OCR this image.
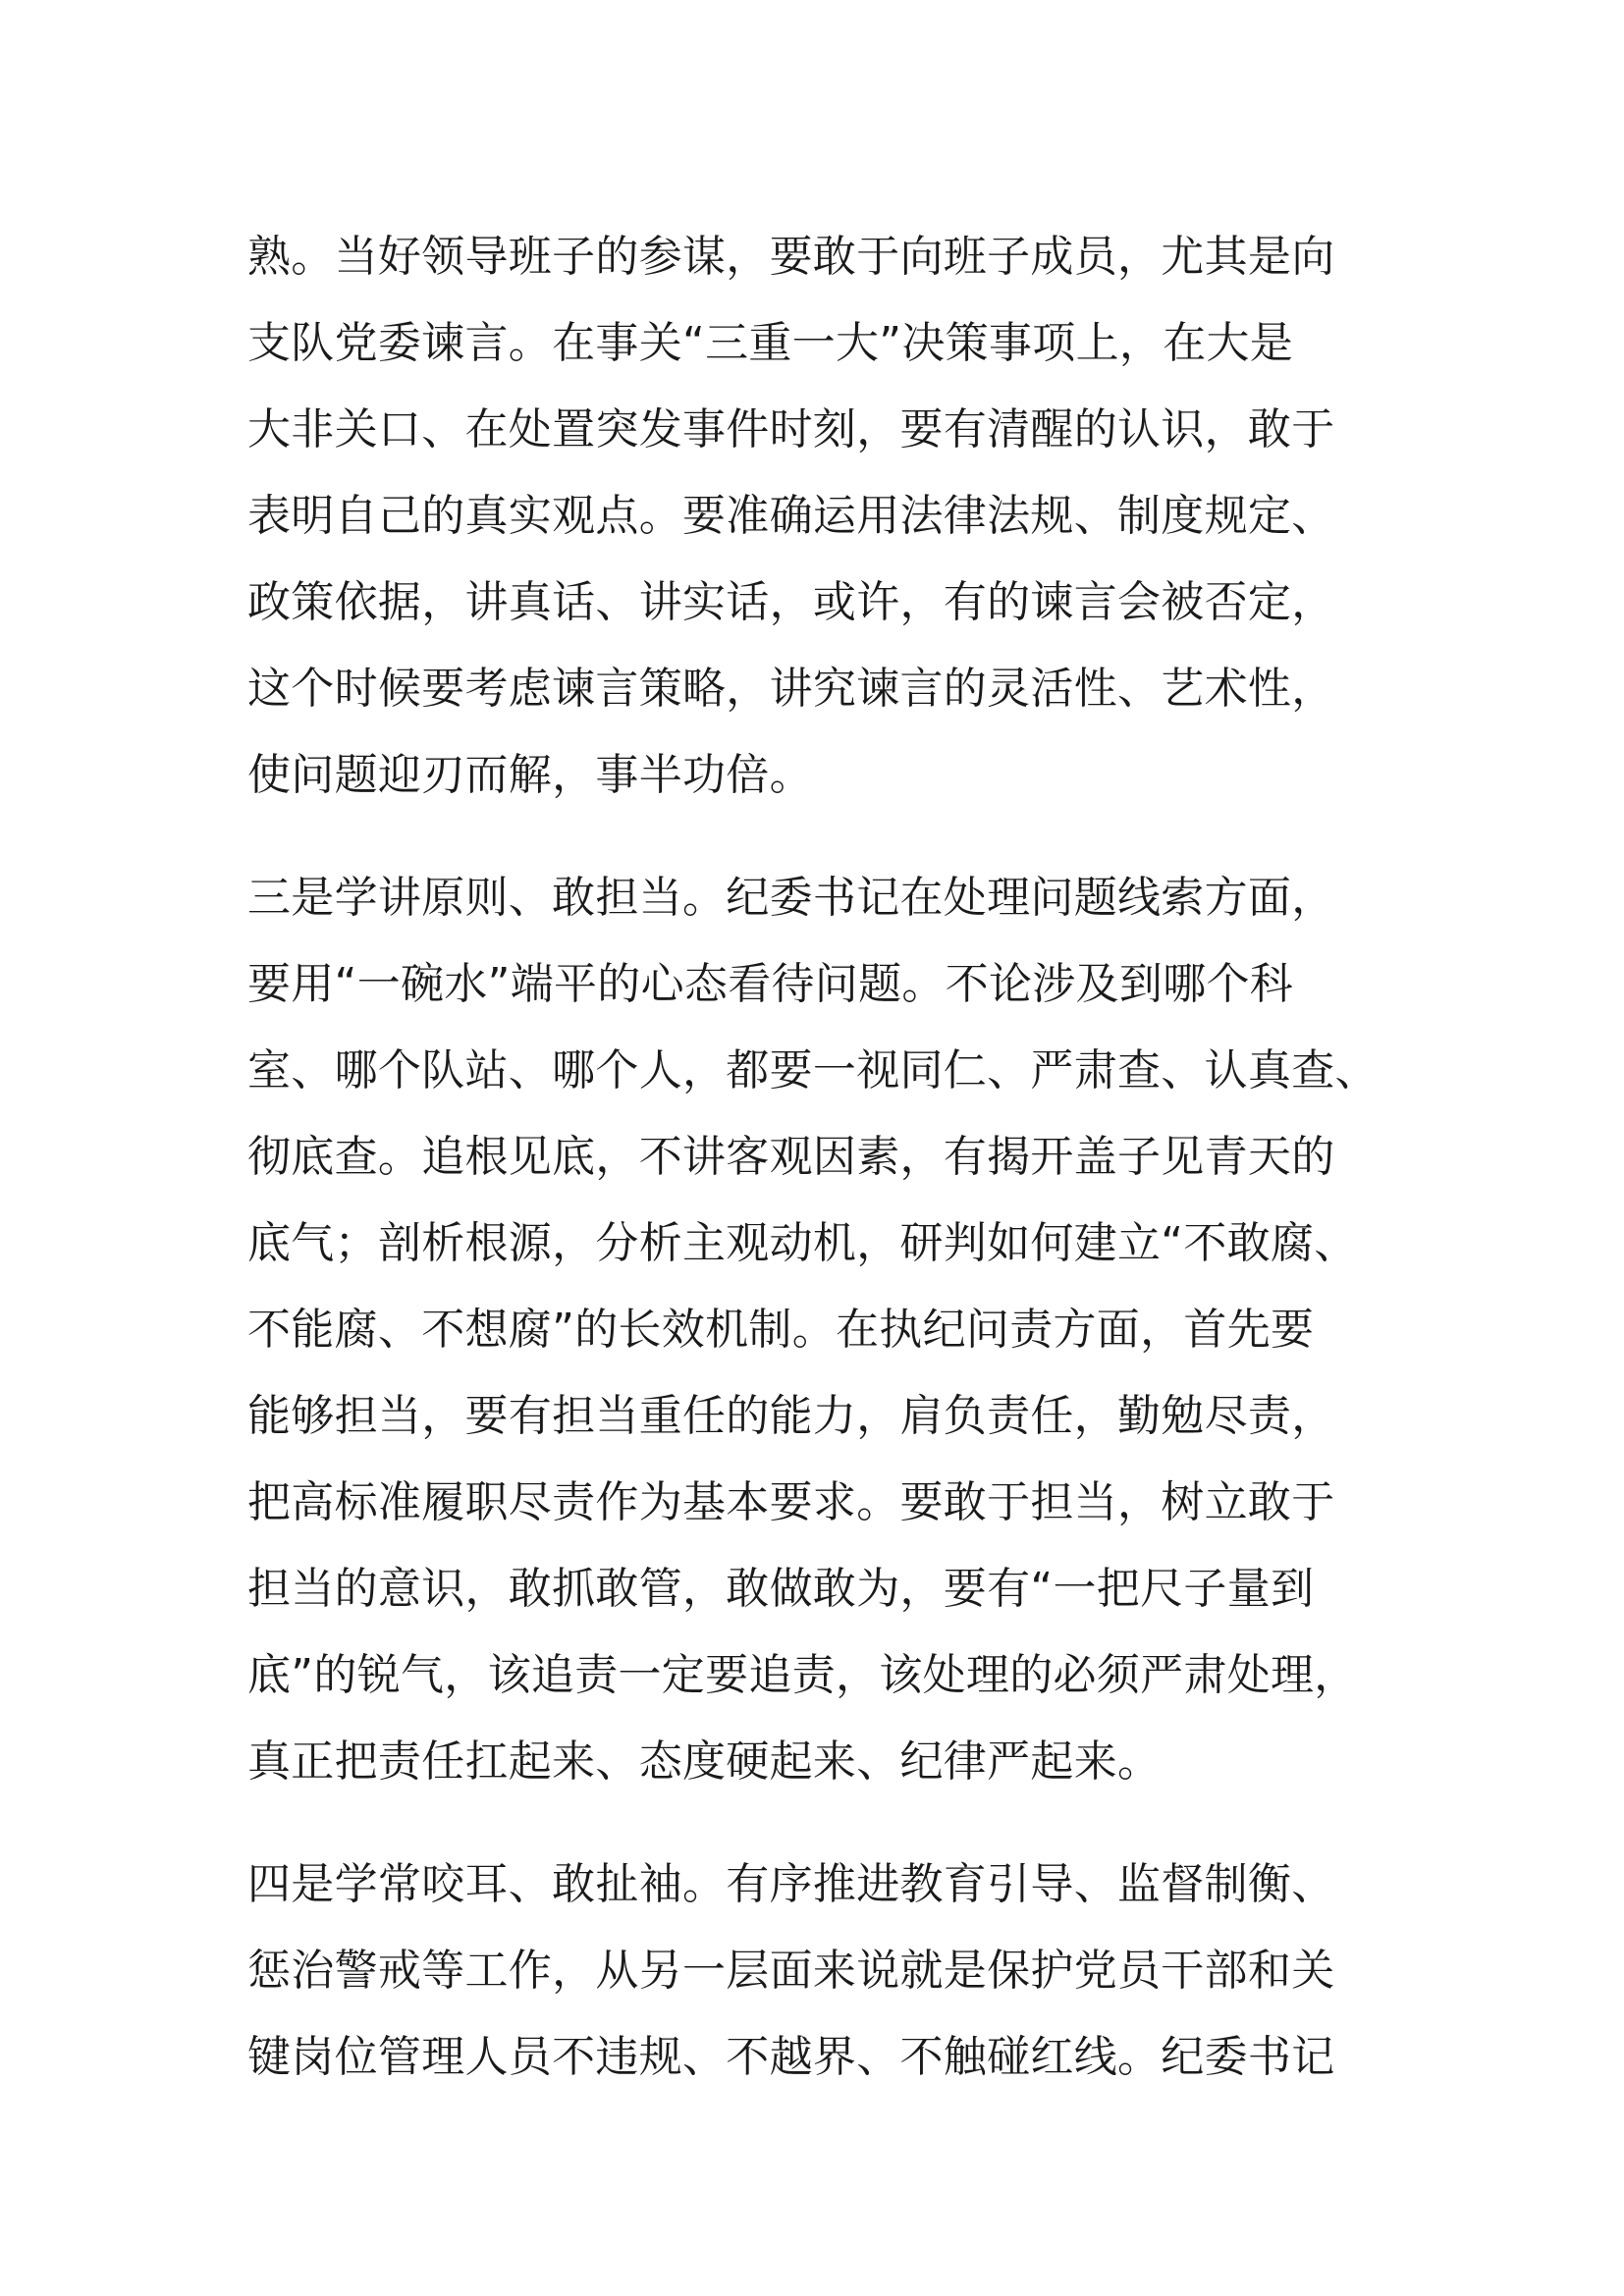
熟。当好领导班子的参谋，要敢于向班子成员，尤其是向
支队党委谏言。在事关“三重一大”决策事项上，在大是
大非关口、在处置突发事件时刻，要有清醒的认识，敢于
表明自己的真实观点。要准确运用法律法规、制度规定、
政策依据，讲真话、讲实话，或许，有的谏言会被否定，
这个时候要考虑谏言策略，讲究谏言的灵活性、艺术性，
使问题迎刃而解，事半功倍。
三是学讲原则、敢担当。纪委书记在处理问题线索方面，
要用“一碗水”端平的心态看待问题。不论涉及到哪个科
室、哪个队站、哪个人，都要一视同仁、严肃查、认真查、
彻底查。追根见底，不讲客观因素，有揭开盖子见青天的
底气；剖析根源，分析主观动机，研判如何建立“不敢腐、
不能腐、不想腐”的长效机制。在执纪问责方面，首先要
能够担当，要有担当重任的能力，肩负责任，勤勉尽责，
把高标准履职尽责作为基本要求。要敢于担当，树立敢于
担当的意识，敢抓敢管，敢做敢为，要有“一把尺子量到
底”的锐气，该追责一定要追责，该处理的必须严肃处理，
真正把责任扛起来、态度硬起来、纪律严起来。
四是学常咬耳、敢扯袖。有序推进教育引导、监督制衡、
惩治警戒等工作，从另一层面来说就是保护党员干部和关
键岗位管理人员不违规、不越界、不触碰红线。纪委书记
